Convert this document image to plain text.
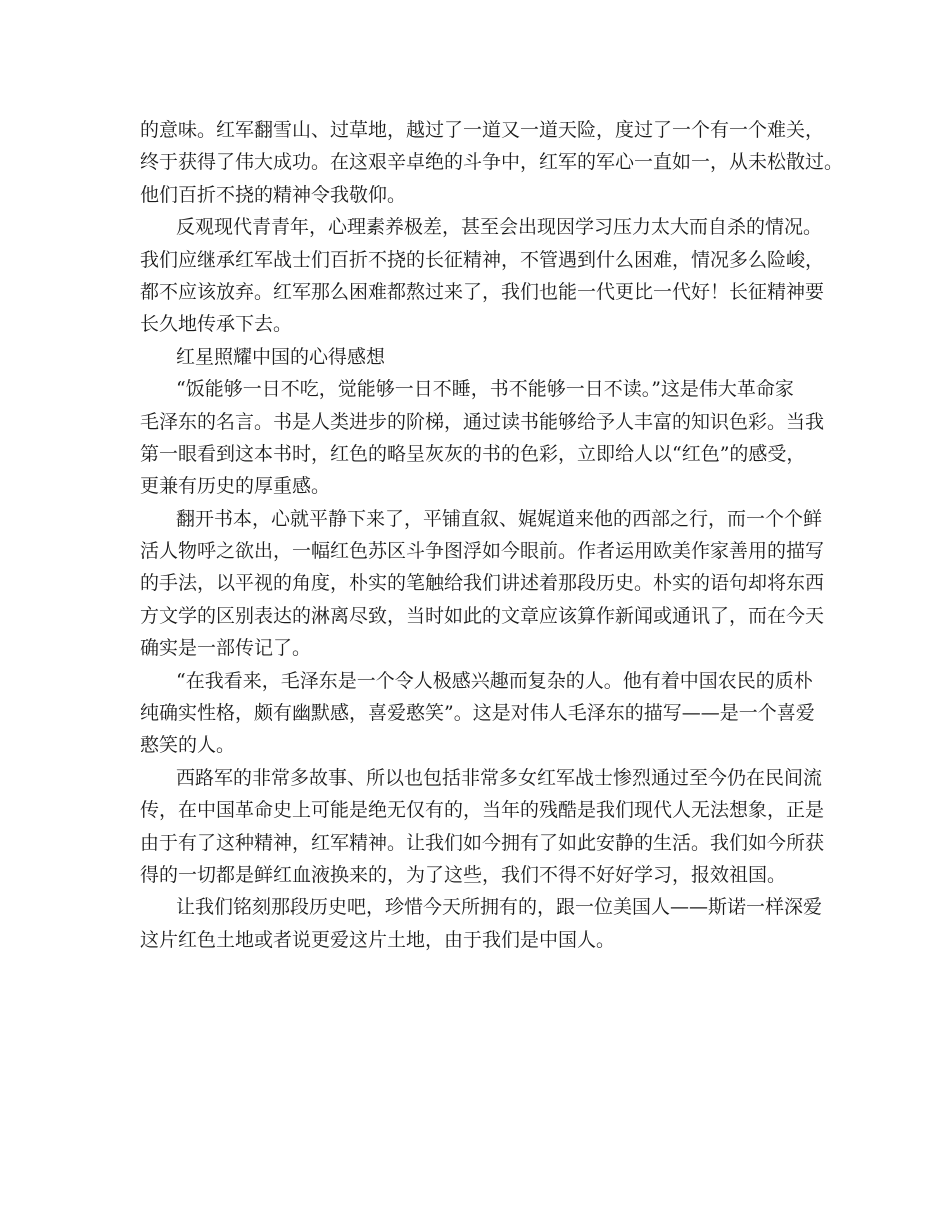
的意味。红军翻雪山、过草地，越过了一道又一道天险，度过了一个有一个难关，
终于获得了伟大成功。在这艰辛卓绝的斗争中，红军的军心一直如一，从未松散过。
他们百折不挠的精神令我敬仰。
反观现代青青年，心理素养极差，甚至会出现因学习压力太大而自杀的情况。
我们应继承红军战士们百折不挠的长征精神，不管遇到什么困难，情况多么险峻，
都不应该放弃。红军那么困难都熬过来了，我们也能一代更比一代好！长征精神要
长久地传承下去。
红星照耀中国的心得感想
“饭能够一日不吃，觉能够一日不睡，书不能够一日不读。”这是伟大革命家
毛泽东的名言。书是人类进步的阶梯，通过读书能够给予人丰富的知识色彩。当我
第一眼看到这本书时，红色的略呈灰灰的书的色彩，立即给人以“红色”的感受，
更兼有历史的厚重感。
翻开书本，心就平静下来了，平铺直叙、娓娓道来他的西部之行，而一个个鲜
活人物呼之欲出，一幅红色苏区斗争图浮如今眼前。作者运用欧美作家善用的描写
的手法，以平视的角度，朴实的笔触给我们讲述着那段历史。朴实的语句却将东西
方文学的区别表达的淋离尽致，当时如此的文章应该算作新闻或通讯了，而在今天
确实是一部传记了。
“在我看来，毛泽东是一个令人极感兴趣而复杂的人。他有着中国农民的质朴
纯确实性格，颇有幽默感，喜爱憨笑”。这是对伟人毛泽东的描写——是一个喜爱
憨笑的人。
西路军的非常多故事、所以也包括非常多女红军战士惨烈通过至今仍在民间流
传，在中国革命史上可能是绝无仅有的，当年的残酷是我们现代人无法想象，正是
由于有了这种精神，红军精神。让我们如今拥有了如此安静的生活。我们如今所获
得的一切都是鲜红血液换来的，为了这些，我们不得不好好学习，报效祖国。
让我们铭刻那段历史吧，珍惜今天所拥有的，跟一位美国人——斯诺一样深爱
这片红色土地或者说更爱这片土地，由于我们是中国人。
